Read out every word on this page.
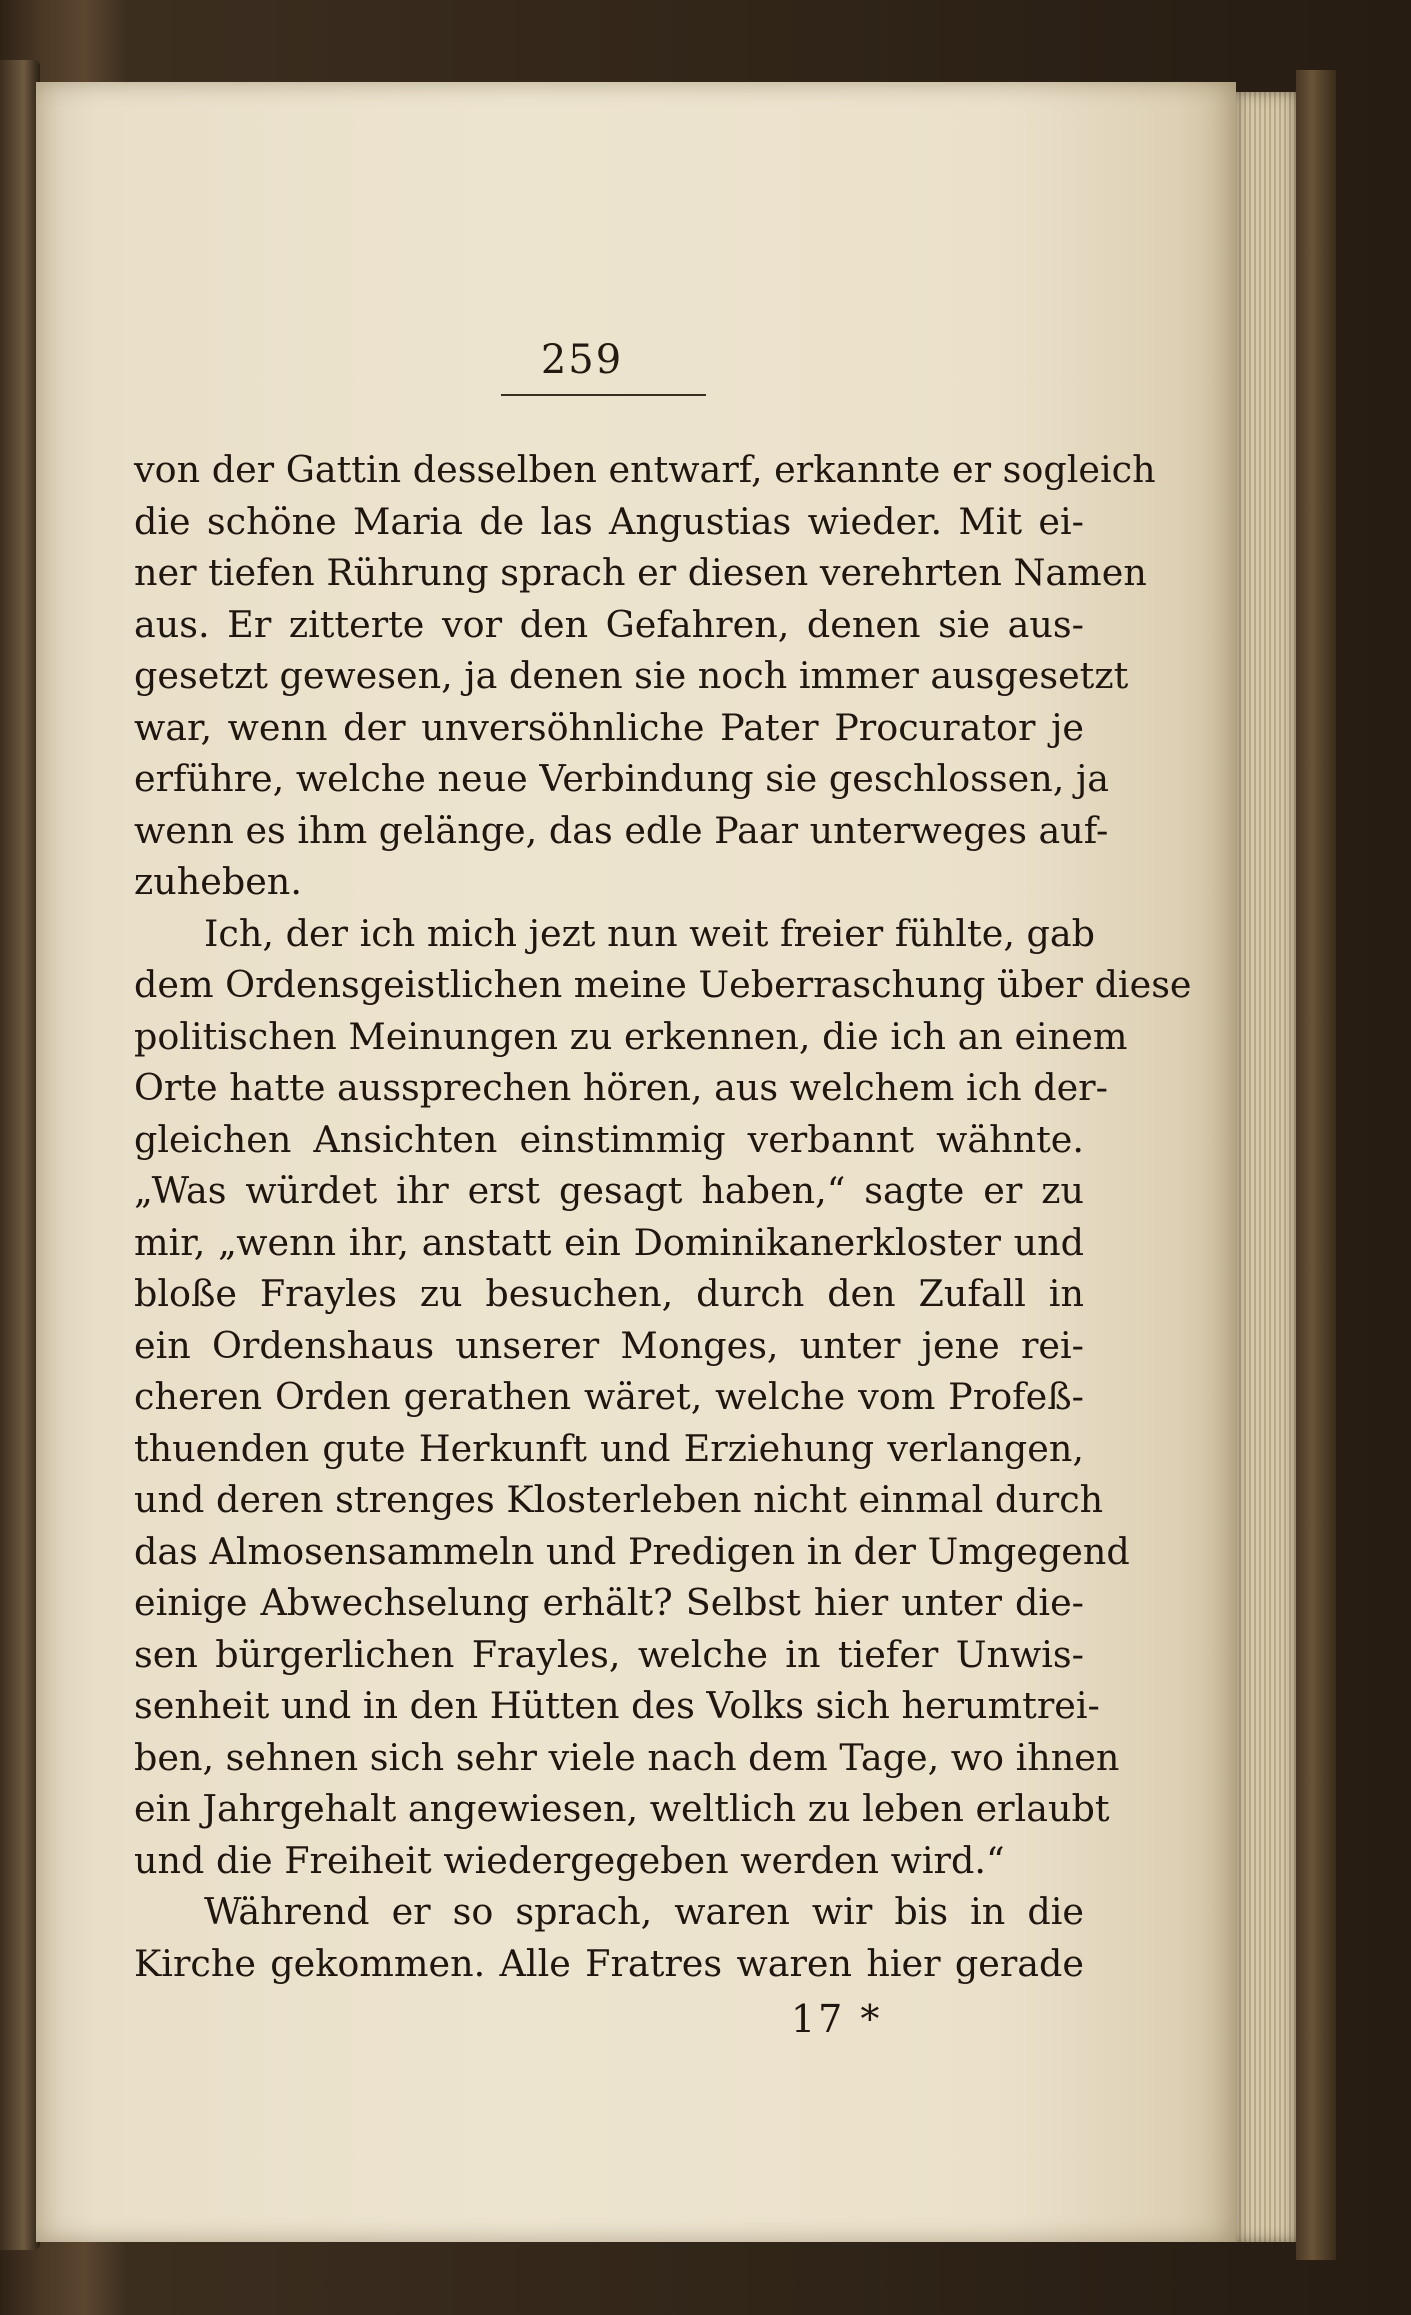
259
von der Gattin desselben entwarf, erkannte er sogleich
die schöne Maria de las Angustias wieder. Mit ei-
ner tiefen Rührung sprach er diesen verehrten Namen
aus. Er zitterte vor den Gefahren, denen sie aus-
gesetzt gewesen, ja denen sie noch immer ausgesetzt
war, wenn der unversöhnliche Pater Procurator je
erführe, welche neue Verbindung sie geschlossen, ja
wenn es ihm gelänge, das edle Paar unterweges auf-
zuheben.
Ich, der ich mich jezt nun weit freier fühlte, gab
dem Ordensgeistlichen meine Ueberraschung über diese
politischen Meinungen zu erkennen, die ich an einem
Orte hatte aussprechen hören, aus welchem ich der-
gleichen Ansichten einstimmig verbannt wähnte.
„Was würdet ihr erst gesagt haben,“ sagte er zu
mir, „wenn ihr, anstatt ein Dominikanerkloster und
bloße Frayles zu besuchen, durch den Zufall in
ein Ordenshaus unserer Monges, unter jene rei-
cheren Orden gerathen wäret, welche vom Profeß-
thuenden gute Herkunft und Erziehung verlangen,
und deren strenges Klosterleben nicht einmal durch
das Almosensammeln und Predigen in der Umgegend
einige Abwechselung erhält? Selbst hier unter die-
sen bürgerlichen Frayles, welche in tiefer Unwis-
senheit und in den Hütten des Volks sich herumtrei-
ben, sehnen sich sehr viele nach dem Tage, wo ihnen
ein Jahrgehalt angewiesen, weltlich zu leben erlaubt
und die Freiheit wiedergegeben werden wird.“
Während er so sprach, waren wir bis in die
Kirche gekommen. Alle Fratres waren hier gerade
17 *
